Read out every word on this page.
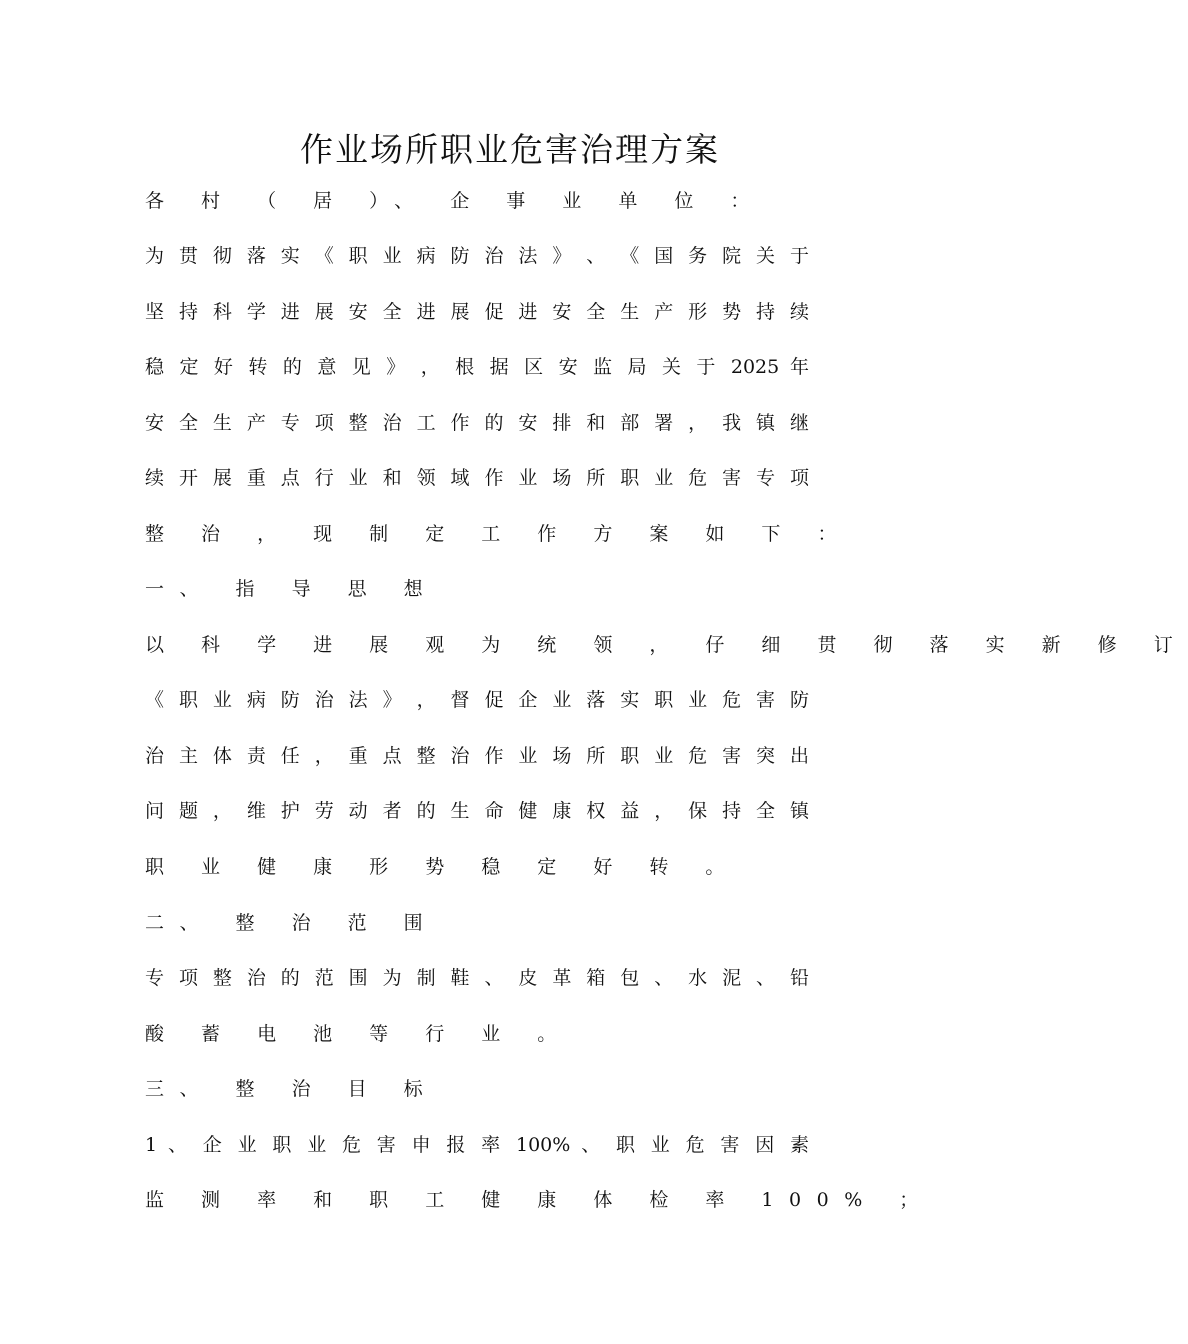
作业场所职业危害治理方案
各 村 （ 居 ）、 企 事 业 单 位 ：
为 贯 彻 落 实 《 职 业 病 防 治 法 》 、 《 国 务 院 关 于
坚 持 科 学 进 展 安 全 进 展 促 进 安 全 生 产 形 势 持 续
稳 定 好 转 的 意 见 》 ， 根 据 区 安 监 局 关 于 2025 年
安 全 生 产 专 项 整 治 工 作 的 安 排 和 部 署 ， 我 镇 继
续 开 展 重 点 行 业 和 领 域 作 业 场 所 职 业 危 害 专 项
整 治 ， 现 制 定 工 作 方 案 如 下 ：
一、 指 导 思 想
以 科 学 进 展 观 为 统 领 ， 仔 细 贯 彻 落 实 新 修 订
《 职 业 病 防 治 法 》 ， 督 促 企 业 落 实 职 业 危 害 防
治 主 体 责 任 ， 重 点 整 治 作 业 场 所 职 业 危 害 突 出
问 题 ， 维 护 劳 动 者 的 生 命 健 康 权 益 ， 保 持 全 镇
职 业 健 康 形 势 稳 定 好 转 。
二、 整 治 范 围
专 项 整 治 的 范 围 为 制 鞋 、 皮 革 箱 包 、 水 泥 、 铅
酸 蓄 电 池 等 行 业 。
三、 整 治 目 标
1 、 企 业 职 业 危 害 申 报 率 100% 、 职 业 危 害 因 素
监 测 率 和 职 工 健 康 体 检 率 100% ；
